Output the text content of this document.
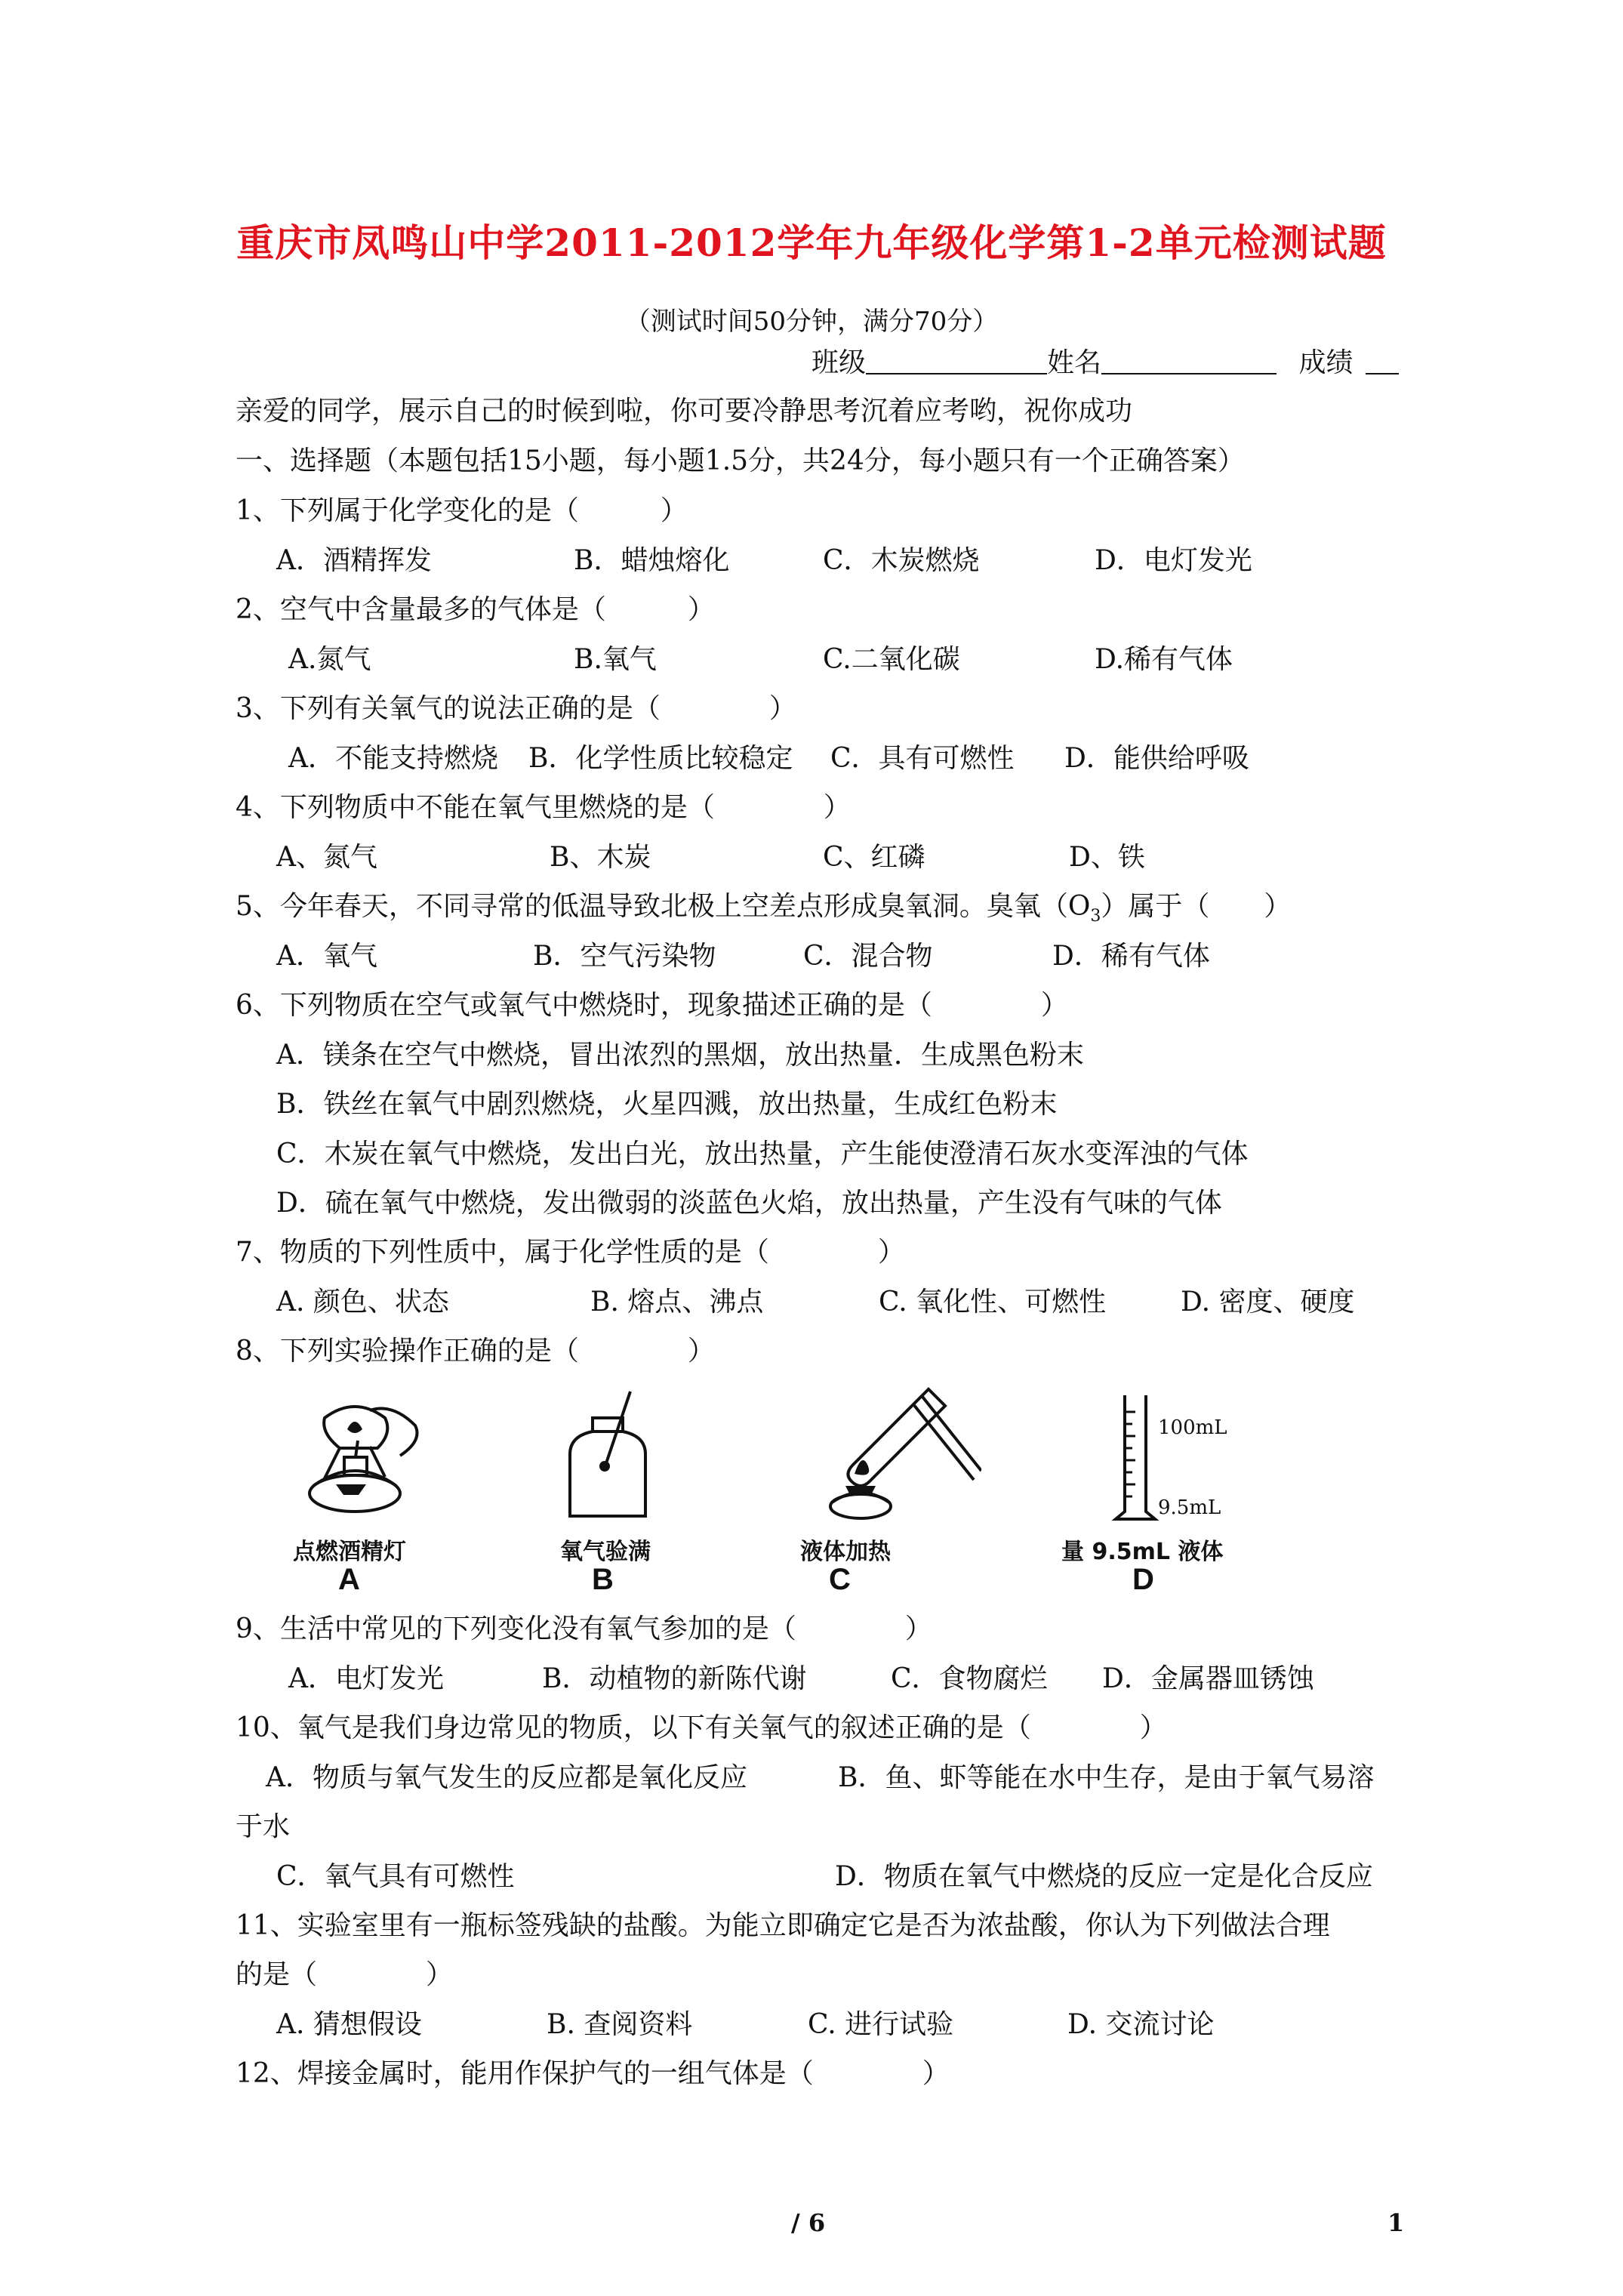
重庆市凤鸣山中学2011-2012学年九年级化学第1-2单元检测试题
（测试时间50分钟，满分70分）
班级	姓名	成绩
亲爱的同学，展示自己的时候到啦，你可要冷静思考沉着应考哟，祝你成功
一、选择题（本题包括15小题，每小题1.5分，共24分，每小题只有一个正确答案）
1、下列属于化学变化的是（　　　）
A．酒精挥发	B．蜡烛熔化	C．木炭燃烧	D．电灯发光
2、空气中含量最多的气体是（　　　）
A.氮气	B.氧气	C.二氧化碳	D.稀有气体
3、下列有关氧气的说法正确的是（　　　　）
A．不能支持燃烧 B．化学性质比较稳定 C．具有可燃性 D．能供给呼吸
4、下列物质中不能在氧气里燃烧的是（　　　　）
A、氮气	B、木炭	C、红磷	D、铁
5、今年春天，不同寻常的低温导致北极上空差点形成臭氧洞。臭氧$(O_3)$属于（　　）
A．氧气	B．空气污染物	C．混合物	D．稀有气体
6、下列物质在空气或氧气中燃烧时，现象描述正确的是（　　　　）
A．镁条在空气中燃烧，冒出浓烈的黑烟，放出热量．生成黑色粉末
B．铁丝在氧气中剧烈燃烧，火星四溅，放出热量，生成红色粉末
C．木炭在氧气中燃烧，发出白光，放出热量，产生能使澄清石灰水变浑浊的气体
D．硫在氧气中燃烧，发出微弱的淡蓝色火焰，放出热量，产生没有气味的气体
7、物质的下列性质中，属于化学性质的是（　　　　）
A. 颜色、状态	B. 熔点、沸点	C. 氧化性、可燃性	D. 密度、硬度
8、下列实验操作正确的是（　　　　）
点燃酒精灯
A
氧气验满
B
液体加热
C
100mL
9.5mL
量 9.5mL 液体
D
9、生活中常见的下列变化没有氧气参加的是（　　　　）
A．电灯发光	B．动植物的新陈代谢	C．食物腐烂 D．金属器皿锈蚀
10、氧气是我们身边常见的物质，以下有关氧气的叙述正确的是（　　　　）
A．物质与氧气发生的反应都是氧化反应	B．鱼、虾等能在水中生存，是由于氧气易溶
于水
C．氧气具有可燃性	D．物质在氧气中燃烧的反应一定是化合反应
11、实验室里有一瓶标签残缺的盐酸。为能立即确定它是否为浓盐酸，你认为下列做法合理
的是（　　　　）
A. 猜想假设	B. 查阅资料	C. 进行试验	D. 交流讨论
12、焊接金属时，能用作保护气的一组气体是（　　　　）
/ 6	1
